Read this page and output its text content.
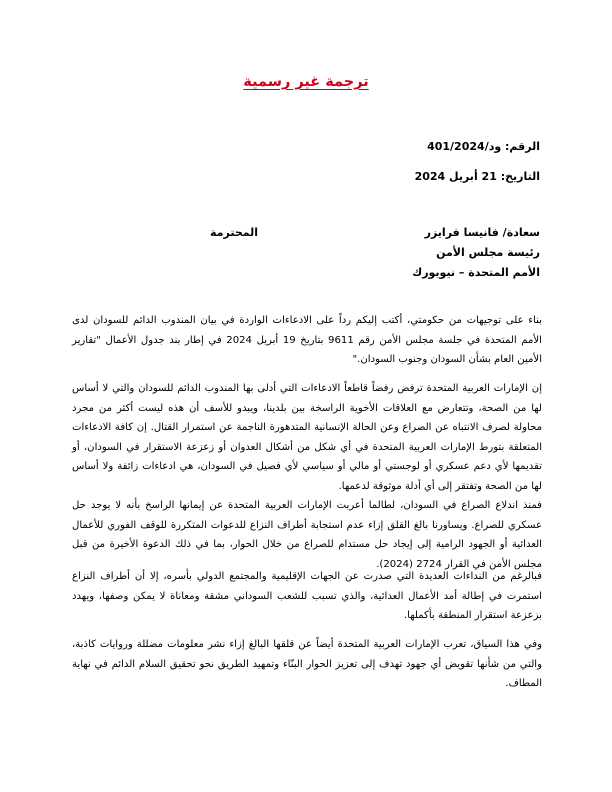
ترجمة غير رسمية
الرقم: ود/401/2024
التاريخ: 21 أبريل 2024
سعادة/ فانيسا فرايزر
المحترمة
رئيسة مجلس الأمن
الأمم المتحدة – نيويورك

بناء على توجيهات من حكومتي، أكتب إليكم رداً على الادعاءات الواردة في بيان المندوب الدائم للسودان لدى الأمم المتحدة في جلسة مجلس الأمن رقم 9611 بتاريخ 19 أبريل 2024 في إطار بند جدول الأعمال "تقارير الأمين العام بشأن السودان وجنوب السودان."

إن الإمارات العربية المتحدة ترفض رفضاً قاطعاً الادعاءات التي أدلى بها المندوب الدائم للسودان والتي لا أساس لها من الصحة، وتتعارض مع العلاقات الأخوية الراسخة بين بلدينا، ويبدو للأسف أن هذه ليست أكثر من مجرد محاولة لصرف الانتباه عن الصراع وعن الحالة الإنسانية المتدهورة الناجمة عن استمرار القتال. إن كافة الادعاءات المتعلقة بتورط الإمارات العربية المتحدة في أي شكل من أشكال العدوان أو زعزعة الاستقرار في السودان، أو تقديمها لأي دعم عسكري أو لوجستي أو مالي أو سياسي لأي فصيل في السودان، هي ادعاءات زائفة ولا أساس لها من الصحة وتفتقر إلى أي أدلة موثوقة لدعمها.

فمنذ اندلاع الصراع في السودان، لطالما أعربت الإمارات العربية المتحدة عن إيمانها الراسخ بأنه لا يوجد حل عسكري للصراع. ويساورنا بالغ القلق إزاء عدم استجابة أطراف النزاع للدعوات المتكررة للوقف الفوري للأعمال العدائية أو الجهود الرامية إلى إيجاد حل مستدام للصراع من خلال الحوار، بما في ذلك الدعوة الأخيرة من قبل مجلس الأمن في القرار 2724 (2024).

فبالرغم من النداءات العديدة التي صدرت عن الجهات الإقليمية والمجتمع الدولي بأسره، إلا أن أطراف النزاع استمرت في إطالة أمد الأعمال العدائية، والذي تسبب للشعب السوداني مشقة ومعاناة لا يمكن وصفها، ويهدد بزعزعة استقرار المنطقة بأكملها.

وفي هذا السياق، تعرب الإمارات العربية المتحدة أيضاً عن قلقها البالغ إزاء نشر معلومات مضللة وروايات كاذبة، والتي من شأنها تقويض أي جهود تهدف إلى تعزيز الحوار البنّاء وتمهيد الطريق نحو تحقيق السلام الدائم في نهاية المطاف.
